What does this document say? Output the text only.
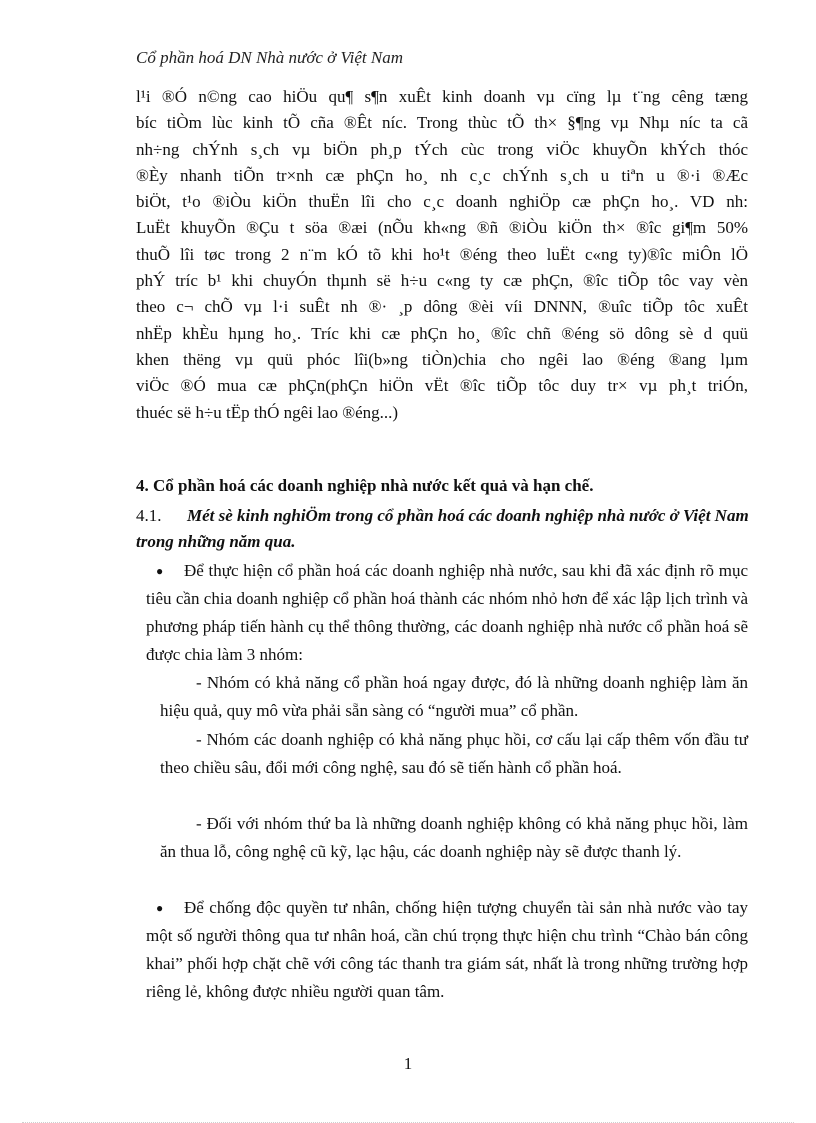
Cổ phần hoá DN Nhà nước ở Việt Nam
l¹i ®Ó n©ng cao hiÖu qu¶ s¶n xuÊt kinh doanh vµ cïng lµ t¨ng cêng tæng
bíc tiÒm lùc kinh tÕ cña ®Êt níc. Trong thùc tÕ th× §¶ng vµ Nhµ níc ta cã
nh÷ng chÝnh s¸ch vµ biÖn ph¸p tÝch cùc trong viÖc khuyÕn khÝch thóc
®Èy nhanh tiÕn tr×nh cæ phÇn ho¸ nh c¸c chÝnh s¸ch u tiªn u ®·i ®Æc
biÖt, t¹o ®iÒu kiÖn thuËn lîi cho c¸c doanh nghiÖp cæ phÇn ho¸. VD nh:
LuËt khuyÕn ®Çu t söa ®æi (nÕu kh«ng ®ñ ®iÒu kiÖn th× ®îc gi¶m 50%
thuÕ lîi tøc trong 2 n¨m kÓ tõ khi ho¹t ®éng theo luËt c«ng ty)®îc miÔn lÖ
phÝ tríc b¹ khi chuyÓn thµnh së h÷u c«ng ty cæ phÇn, ®îc tiÕp tôc vay vèn
theo c¬ chÕ vµ l·i suÊt nh ®· ¸p dông ®èi víi DNNN, ®uîc tiÕp tôc xuÊt
nhËp khÈu hµng ho¸. Tríc khi cæ phÇn ho¸ ®îc chñ ®éng sö dông sè d quü
khen thëng vµ quü phóc lîi(b»ng tiÒn)chia cho ngêi lao ®éng ®ang lµm
viÖc ®Ó mua cæ phÇn(phÇn hiÖn vËt ®îc tiÕp tôc duy tr× vµ ph¸t triÓn,
thuéc së h÷u tËp thÓ ngêi lao ®éng...)
4. Cổ phần hoá các doanh nghiệp nhà nước kết quả và hạn chế.
4.1. Mét sè kinh nghiÖm trong cổ phần hoá các doanh nghiệp nhà nước ở Việt Nam trong những năm qua.
●	Để thực hiện cổ phần hoá các doanh nghiệp nhà nước, sau khi đã xác định rõ mục tiêu cần chia doanh nghiệp cổ phần hoá thành các nhóm nhỏ hơn để xác lập lịch trình và phương pháp tiến hành cụ thể thông thường, các doanh nghiệp nhà nước cổ phần hoá sẽ được chia làm 3 nhóm:
- Nhóm có khả năng cổ phần hoá ngay được, đó là những doanh nghiệp làm ăn hiệu quả, quy mô vừa phải sẵn sàng có “người mua” cổ phần.
- Nhóm các doanh nghiệp có khả năng phục hồi, cơ cấu lại cấp thêm vốn đầu tư theo chiều sâu, đổi mới công nghệ, sau đó sẽ tiến hành cổ phần hoá.
- Đối với nhóm thứ ba là những doanh nghiệp không có khả năng phục hồi, làm ăn thua lỗ, công nghệ cũ kỹ, lạc hậu, các doanh nghiệp này sẽ được thanh lý.
●	Để chống độc quyền tư nhân, chống hiện tượng chuyển tài sản nhà nước vào tay một số người thông qua tư nhân hoá, cần chú trọng thực hiện chu trình “Chào bán công khai” phối hợp chặt chẽ với công tác thanh tra giám sát, nhất là trong những trường hợp riêng lẻ, không được nhiều người quan tâm.
1
